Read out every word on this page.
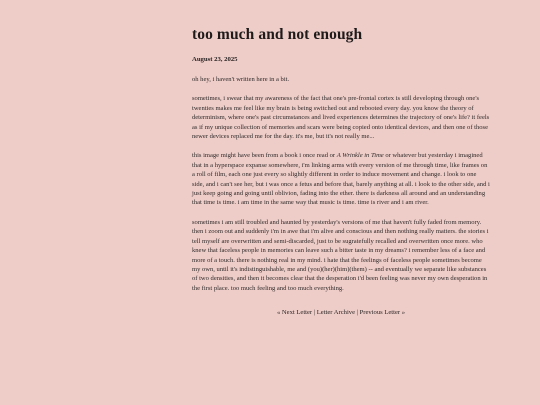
too much and not enough
August 23, 2025

oh hey, i haven't written here in a bit.

sometimes, i swear that my awareness of the fact that one's pre-frontal cortex is still developing through one's twenties makes me feel like my brain is being switched out and rebooted every day. you know the theory of determinism, where one's past circumstances and lived experiences determines the trajectory of one's life? it feels as if my unique collection of memories and scars were being copied onto identical devices, and then one of those newer devices replaced me for the day. it's me, but it's not really me...

this image might have been from a book i once read or A Wrinkle in Time or whatever but yesterday i imagined that in a hyperspace expanse somewhere, i'm linking arms with every version of me through time, like frames on a roll of film, each one just every so slightly different in order to induce movement and change. i look to one side, and i can't see her, but i was once a fetus and before that, barely anything at all. i look to the other side, and i just keep going and going until oblivion, fading into the ether. there is darkness all around and an understanding that time is time. i am time in the same way that music is time. time is river and i am river.

sometimes i am still troubled and haunted by yesterday's versions of me that haven't fully faded from memory. then i zoom out and suddenly i'm in awe that i'm alive and conscious and then nothing really matters. the stories i tell myself are overwritten and semi-discarded, just to be sugratefully recalled and overwritten once more. who knew that faceless people in memories can leave such a bitter taste in my dreams? i remember less of a face and more of a touch. there is nothing real in my mind. i hate that the feelings of faceless people sometimes become my own, until it's indistinguishable, me and (you)(her)(him)(them) -- and eventually we separate like substances of two densities, and then it becomes clear that the desperation i'd been feeling was never my own desperation in the first place. too much feeling and too much everything.

« Next Letter | Letter Archive | Previous Letter »
